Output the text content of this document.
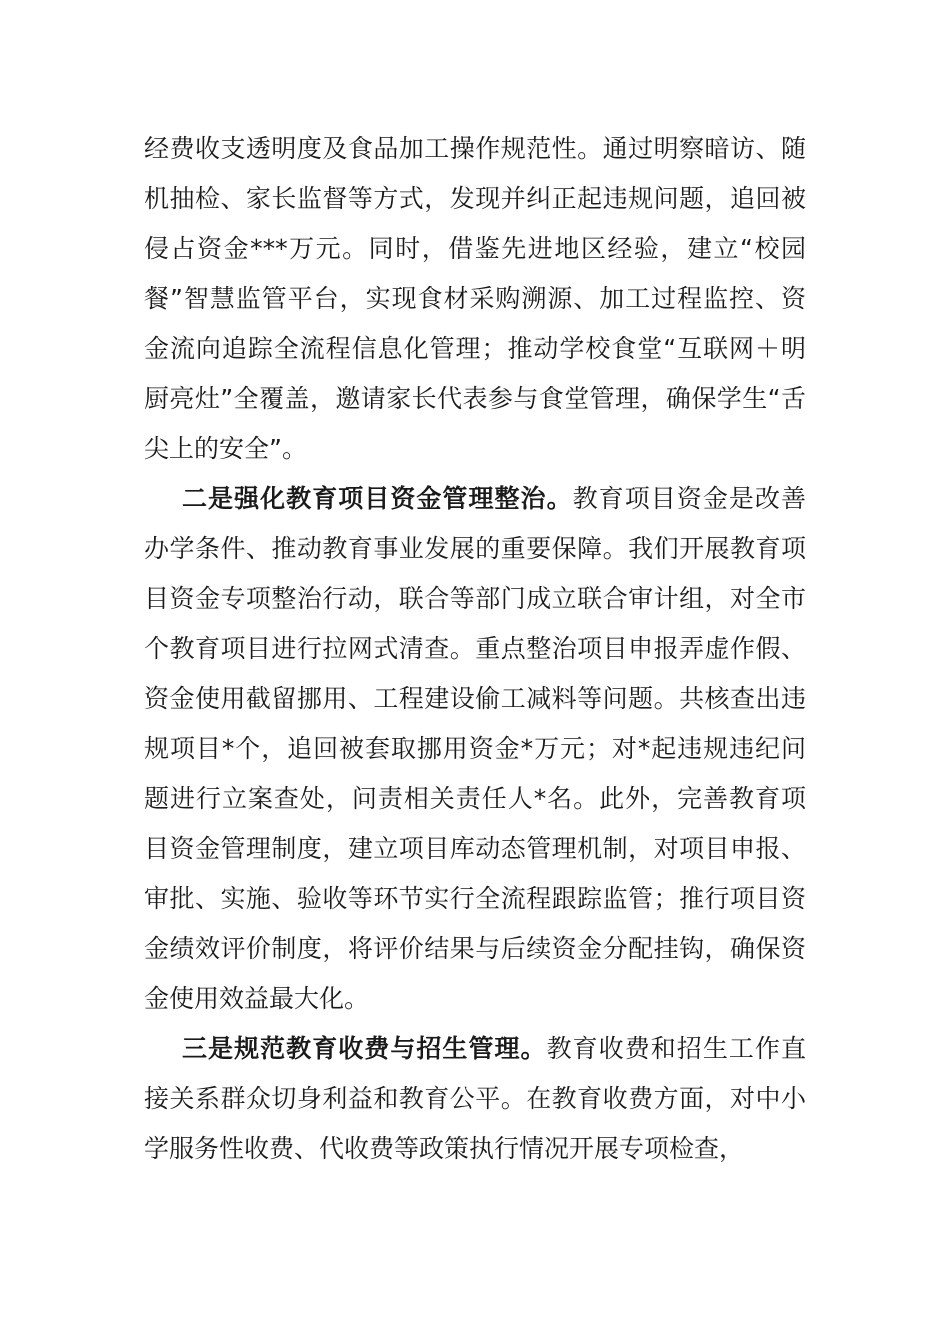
经费收支透明度及食品加工操作规范性。通过明察暗访、随机抽检、家长监督等方式，发现并纠正起违规问题，追回被侵占资金***万元。同时，借鉴先进地区经验，建立“校园餐”智慧监管平台，实现食材采购溯源、加工过程监控、资金流向追踪全流程信息化管理；推动学校食堂“互联网＋明厨亮灶”全覆盖，邀请家长代表参与食堂管理，确保学生“舌尖上的安全”。

二是强化教育项目资金管理整治。教育项目资金是改善办学条件、推动教育事业发展的重要保障。我们开展教育项目资金专项整治行动，联合等部门成立联合审计组，对全市个教育项目进行拉网式清查。重点整治项目申报弄虚作假、资金使用截留挪用、工程建设偷工减料等问题。共核查出违规项目*个，追回被套取挪用资金*万元；对*起违规违纪问题进行立案查处，问责相关责任人*名。此外，完善教育项目资金管理制度，建立项目库动态管理机制，对项目申报、审批、实施、验收等环节实行全流程跟踪监管；推行项目资金绩效评价制度，将评价结果与后续资金分配挂钩，确保资金使用效益最大化。

三是规范教育收费与招生管理。教育收费和招生工作直接关系群众切身利益和教育公平。在教育收费方面，对中小学服务性收费、代收费等政策执行情况开展专项检查，
